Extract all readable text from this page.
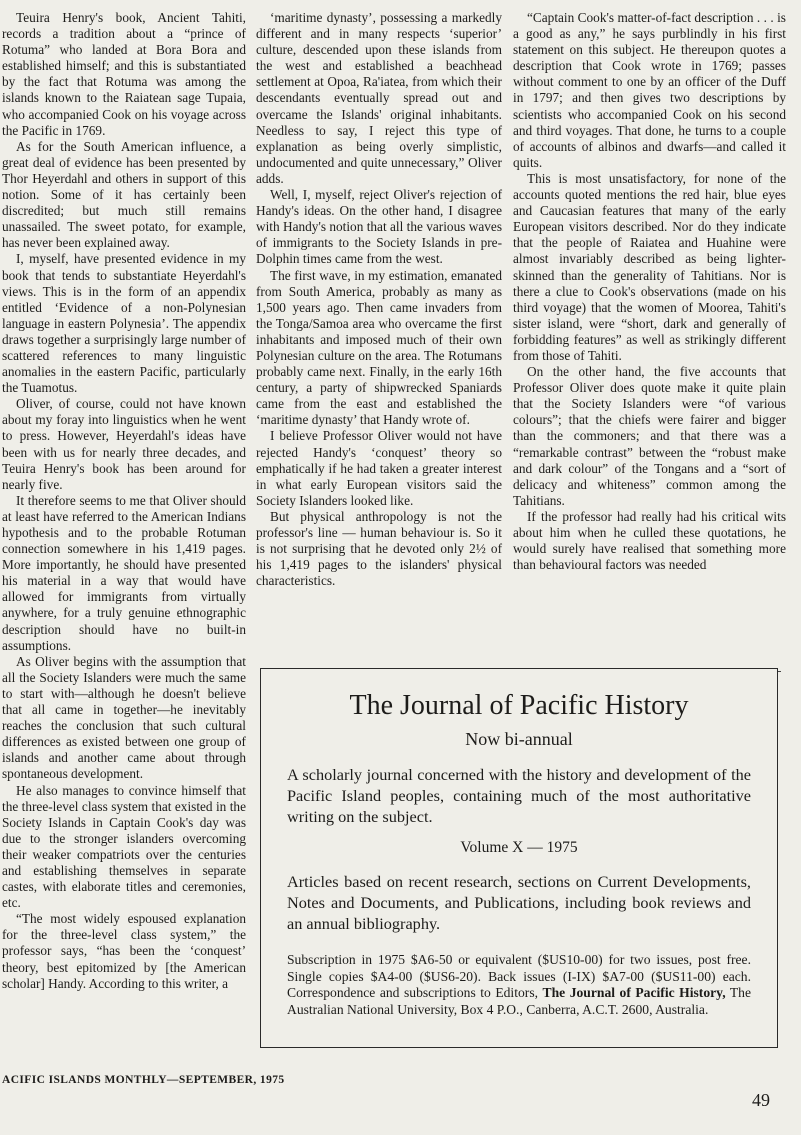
Teuira Henry's book, Ancient Tahiti, records a tradition about a “prince of Rotuma” who landed at Bora Bora and established himself; and this is substantiated by the fact that Rotuma was among the islands known to the Raiatean sage Tupaia, who accompanied Cook on his voyage across the Pacific in 1769.

As for the South American influence, a great deal of evidence has been presented by Thor Heyerdahl and others in support of this notion. Some of it has certainly been discredited; but much still remains unassailed. The sweet potato, for example, has never been explained away.

I, myself, have presented evidence in my book that tends to substantiate Heyerdahl's views. This is in the form of an appendix entitled ‘Evidence of a non-Polynesian language in eastern Polynesia’. The appendix draws together a surprisingly large number of scattered references to many linguistic anomalies in the eastern Pacific, particularly the Tuamotus.

Oliver, of course, could not have known about my foray into linguistics when he went to press. However, Heyerdahl's ideas have been with us for nearly three decades, and Teuira Henry's book has been around for nearly five.

It therefore seems to me that Oliver should at least have referred to the American Indians hypothesis and to the probable Rotuman connection somewhere in his 1,419 pages. More importantly, he should have presented his material in a way that would have allowed for immigrants from virtually anywhere, for a truly genuine ethnographic description should have no built-in assumptions.

As Oliver begins with the assumption that all the Society Islanders were much the same to start with—although he doesn't believe that all came in together—he inevitably reaches the conclusion that such cultural differences as existed between one group of islands and another came about through spontaneous development.

He also manages to convince himself that the three-level class system that existed in the Society Islands in Captain Cook's day was due to the stronger islanders overcoming their weaker compatriots over the centuries and establishing themselves in separate castes, with elaborate titles and ceremonies, etc.

“The most widely espoused explanation for the three-level class system,” the professor says, “has been the ‘conquest’ theory, best epitomized by [the American scholar] Handy. According to this writer, a

‘maritime dynasty’, possessing a markedly different and in many respects ‘superior’ culture, descended upon these islands from the west and established a beachhead settlement at Opoa, Ra'iatea, from which their descendants eventually spread out and overcame the Islands' original inhabitants. Needless to say, I reject this type of explanation as being overly simplistic, undocumented and quite unnecessary,” Oliver adds.

Well, I, myself, reject Oliver's rejection of Handy's ideas. On the other hand, I disagree with Handy's notion that all the various waves of immigrants to the Society Islands in pre-Dolphin times came from the west.

The first wave, in my estimation, emanated from South America, probably as many as 1,500 years ago. Then came invaders from the Tonga/Samoa area who overcame the first inhabitants and imposed much of their own Polynesian culture on the area. The Rotumans probably came next. Finally, in the early 16th century, a party of shipwrecked Spaniards came from the east and established the ‘maritime dynasty’ that Handy wrote of.

I believe Professor Oliver would not have rejected Handy's ‘conquest’ theory so emphatically if he had taken a greater interest in what early European visitors said the Society Islanders looked like.

But physical anthropology is not the professor's line — human behaviour is. So it is not surprising that he devoted only 2½ of his 1,419 pages to the islanders' physical characteristics.

“Captain Cook's matter-of-fact description . . . is a good as any,” he says purblindly in his first statement on this subject. He thereupon quotes a description that Cook wrote in 1769; passes without comment to one by an officer of the Duff in 1797; and then gives two descriptions by scientists who accompanied Cook on his second and third voyages. That done, he turns to a couple of accounts of albinos and dwarfs—and called it quits.

This is most unsatisfactory, for none of the accounts quoted mentions the red hair, blue eyes and Caucasian features that many of the early European visitors described. Nor do they indicate that the people of Raiatea and Huahine were almost invariably described as being lighter-skinned than the generality of Tahitians. Nor is there a clue to Cook's observations (made on his third voyage) that the women of Moorea, Tahiti's sister island, were “short, dark and generally of forbidding features” as well as strikingly different from those of Tahiti.

On the other hand, the five accounts that Professor Oliver does quote make it quite plain that the Society Islanders were “of various colours”; that the chiefs were fairer and bigger than the commoners; and that there was a “remarkable contrast” between the “robust make and dark colour” of the Tongans and a “sort of delicacy and whiteness” common among the Tahitians.

If the professor had really had his critical wits about him when he culled these quotations, he would surely have realised that something more than behavioural factors was needed

The Journal of Pacific History
Now bi-annual
A scholarly journal concerned with the history and development of the Pacific Island peoples, containing much of the most authoritative writing on the subject.
Volume X — 1975
Articles based on recent research, sections on Current Developments, Notes and Documents, and Publications, including book reviews and an annual bibliography.
Subscription in 1975 $A6-50 or equivalent ($US10-00) for two issues, post free. Single copies $A4-00 ($US6-20). Back issues (I-IX) $A7-00 ($US11-00) each. Correspondence and subscriptions to Editors, The Journal of Pacific History, The Australian National University, Box 4 P.O., Canberra, A.C.T. 2600, Australia.
ACIFIC ISLANDS MONTHLY—SEPTEMBER, 1975
49
